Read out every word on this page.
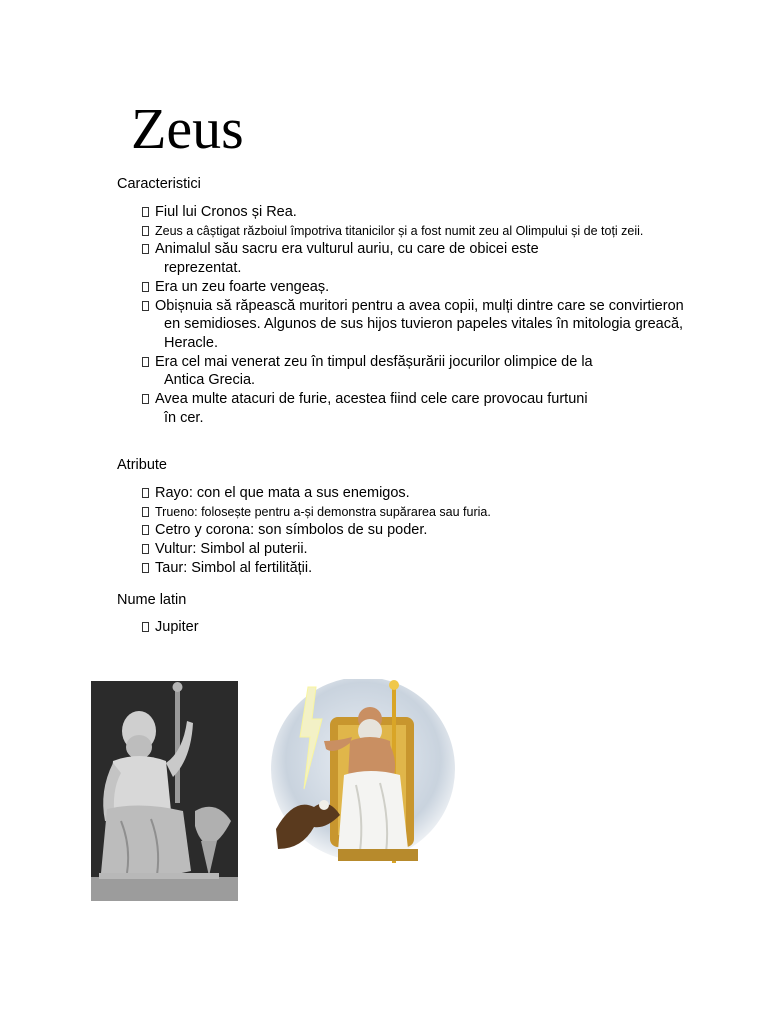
Zeus

Caracteristici

Fiul lui Cronos și Rea.
Zeus a câștigat războiul împotriva titanicilor și a fost numit zeu al Olimpului și de toți zeii.
Animalul său sacru era vulturul auriu, cu care de obicei este reprezentat.
Era un zeu foarte vengeaș.
Obișnuia să răpească muritori pentru a avea copii, mulți dintre care se convirtieron en semidioses. Algunos de sus hijos tuvieron papeles vitales în mitologia greacă, Heracle.
Era cel mai venerat zeu în timpul desfășurării jocurilor olimpice de la Antica Grecia.
Avea multe atacuri de furie, acestea fiind cele care provocau furtuni în cer.

Atribute

Rayo: con el que mata a sus enemigos.
Trueno: folosește pentru a-și demonstra supărarea sau furia.
Cetro y corona: son símbolos de su poder.
Vultur: Simbol al puterii.
Taur: Simbol al fertilității.

Nume latin

Jupiter
